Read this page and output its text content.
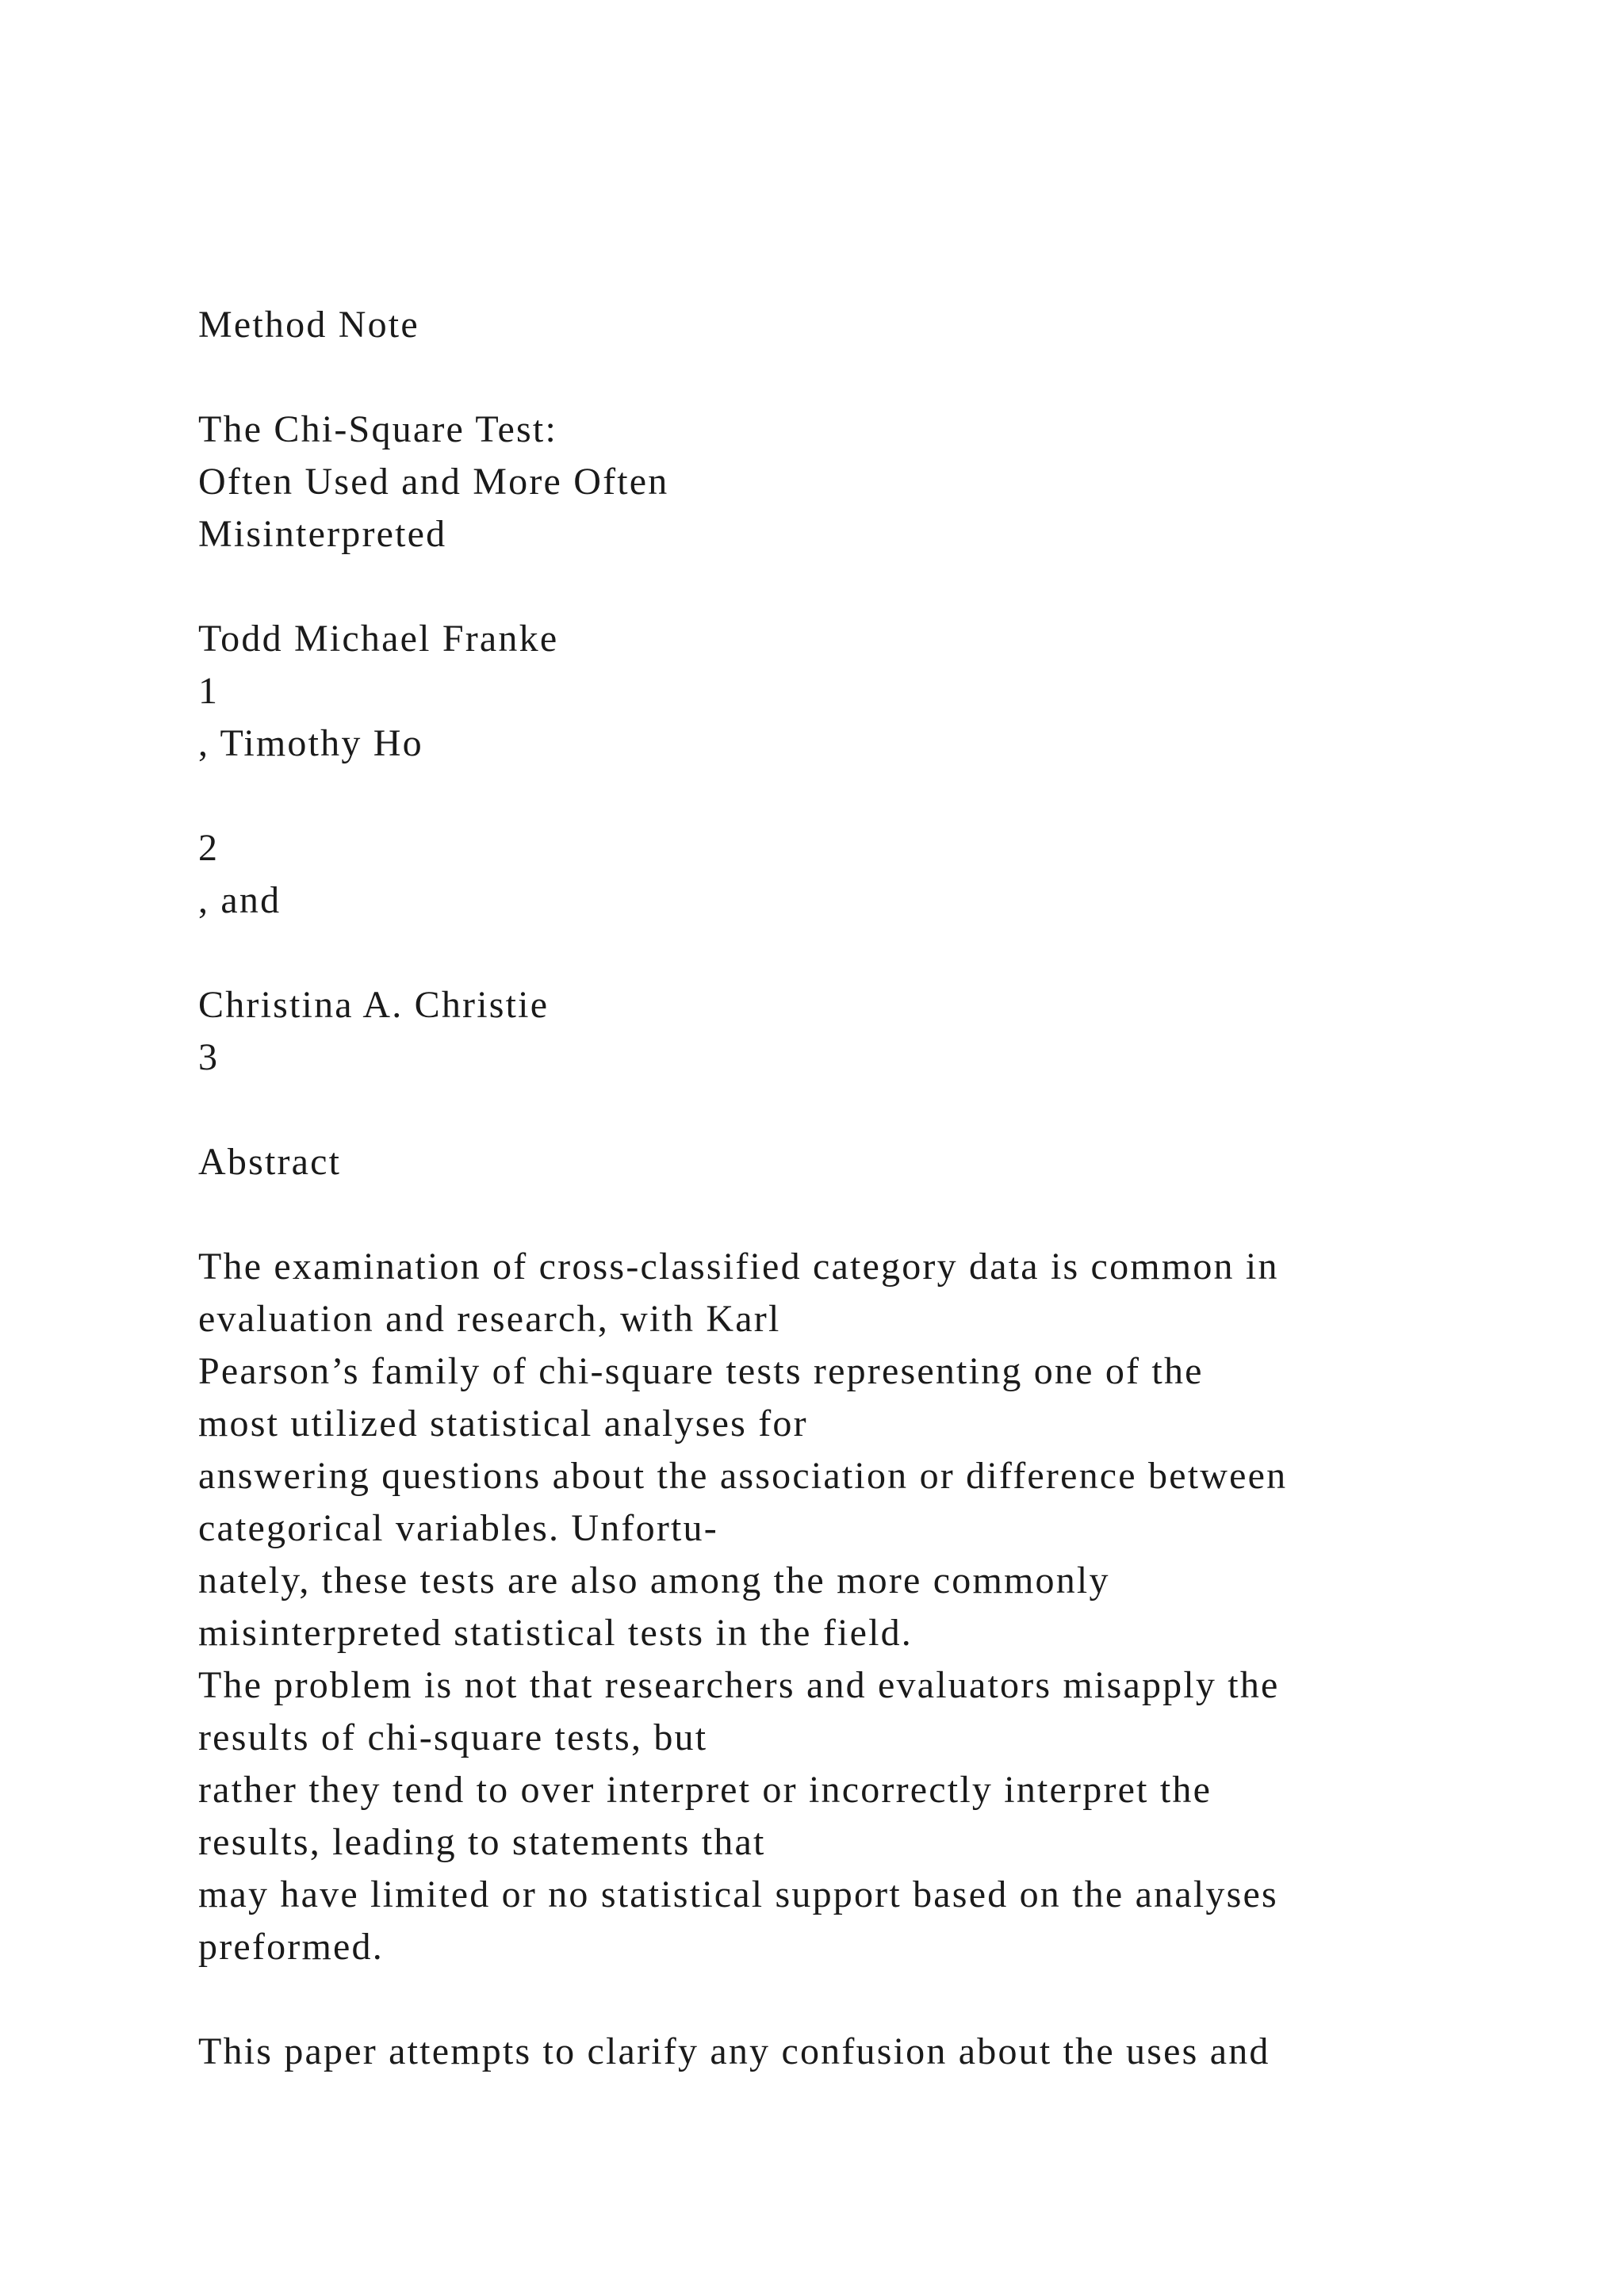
Method Note

The Chi-Square Test:

Often Used and More Often

Misinterpreted

Todd Michael Franke

1

, Timothy Ho

2

, and

Christina A. Christie

3

Abstract

The examination of cross-classified category data is common in

evaluation and research, with Karl

Pearson’s family of chi-square tests representing one of the

most utilized statistical analyses for

answering questions about the association or difference between

categorical variables. Unfortu-

nately, these tests are also among the more commonly

misinterpreted statistical tests in the field.

The problem is not that researchers and evaluators misapply the

results of chi-square tests, but

rather they tend to over interpret or incorrectly interpret the

results, leading to statements that

may have limited or no statistical support based on the analyses

preformed.

This paper attempts to clarify any confusion about the uses and
